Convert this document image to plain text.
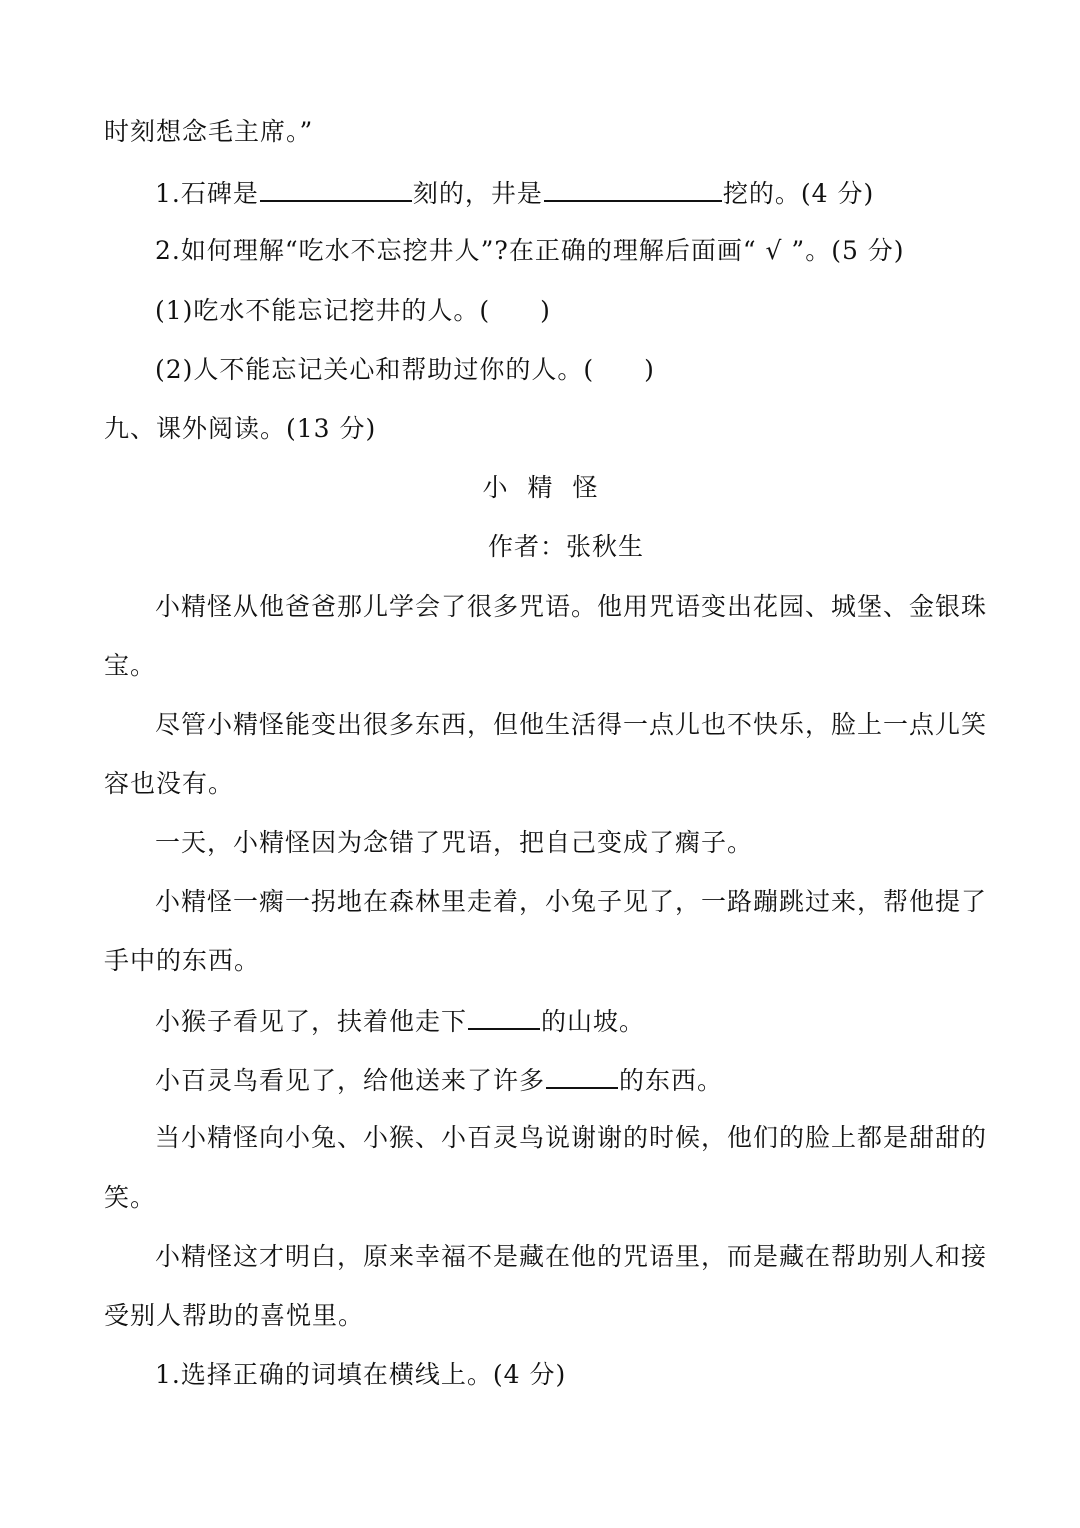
时刻想念毛主席。”
1.石碑是	刻的，井是	挖的。(4 分)
2.如何理解“吃水不忘挖井人”?在正确的理解后面画“ √ ”。(5 分)
(1)吃水不能忘记挖井的人。( )
(2)人不能忘记关心和帮助过你的人。( )
九、课外阅读。(13 分)
小精怪
作者：张秋生
小精怪从他爸爸那儿学会了很多咒语。他用咒语变出花园、城堡、金银珠
宝。
尽管小精怪能变出很多东西，但他生活得一点儿也不快乐，脸上一点儿笑
容也没有。
一天，小精怪因为念错了咒语，把自己变成了瘸子。
小精怪一瘸一拐地在森林里走着，小兔子见了，一路蹦跳过来，帮他提了
手中的东西。
小猴子看见了，扶着他走下	的山坡。
小百灵鸟看见了，给他送来了许多	的东西。
当小精怪向小兔、小猴、小百灵鸟说谢谢的时候，他们的脸上都是甜甜的
笑。
小精怪这才明白，原来幸福不是藏在他的咒语里，而是藏在帮助别人和接
受别人帮助的喜悦里。
1.选择正确的词填在横线上。(4 分)
